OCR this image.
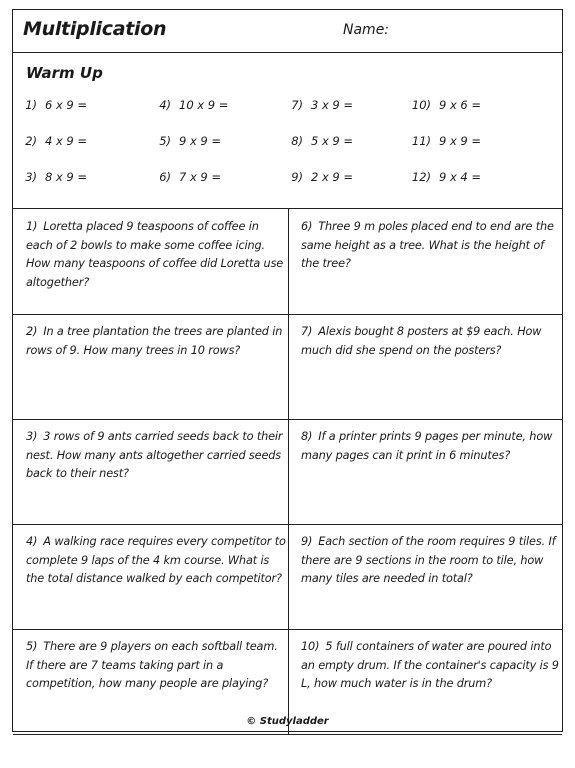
Multiplication	Name:
Warm Up
1) 6 x 9 =
2) 4 x 9 =
3) 8 x 9 =
4) 10 x 9 =
5) 9 x 9 =
6) 7 x 9 =
7) 3 x 9 =
8) 5 x 9 =
9) 2 x 9 =
10) 9 x 6 =
11) 9 x 9 =
12) 9 x 4 =
1) Loretta placed 9 teaspoons of coffee in each of 2 bowls to make some coffee icing. How many teaspoons of coffee did Loretta use altogether?
2) In a tree plantation the trees are planted in rows of 9. How many trees in 10 rows?
3) 3 rows of 9 ants carried seeds back to their nest. How many ants altogether carried seeds back to their nest?
4) A walking race requires every competitor to complete 9 laps of the 4 km course. What is the total distance walked by each competitor?
5) There are 9 players on each softball team. If there are 7 teams taking part in a competition, how many people are playing?
6) Three 9 m poles placed end to end are the same height as a tree. What is the height of the tree?
7) Alexis bought 8 posters at $9 each. How much did she spend on the posters?
8) If a printer prints 9 pages per minute, how many pages can it print in 6 minutes?
9) Each section of the room requires 9 tiles. If there are 9 sections in the room to tile, how many tiles are needed in total?
10) 5 full containers of water are poured into an empty drum. If the container's capacity is 9 L, how much water is in the drum?
© Studyladder
